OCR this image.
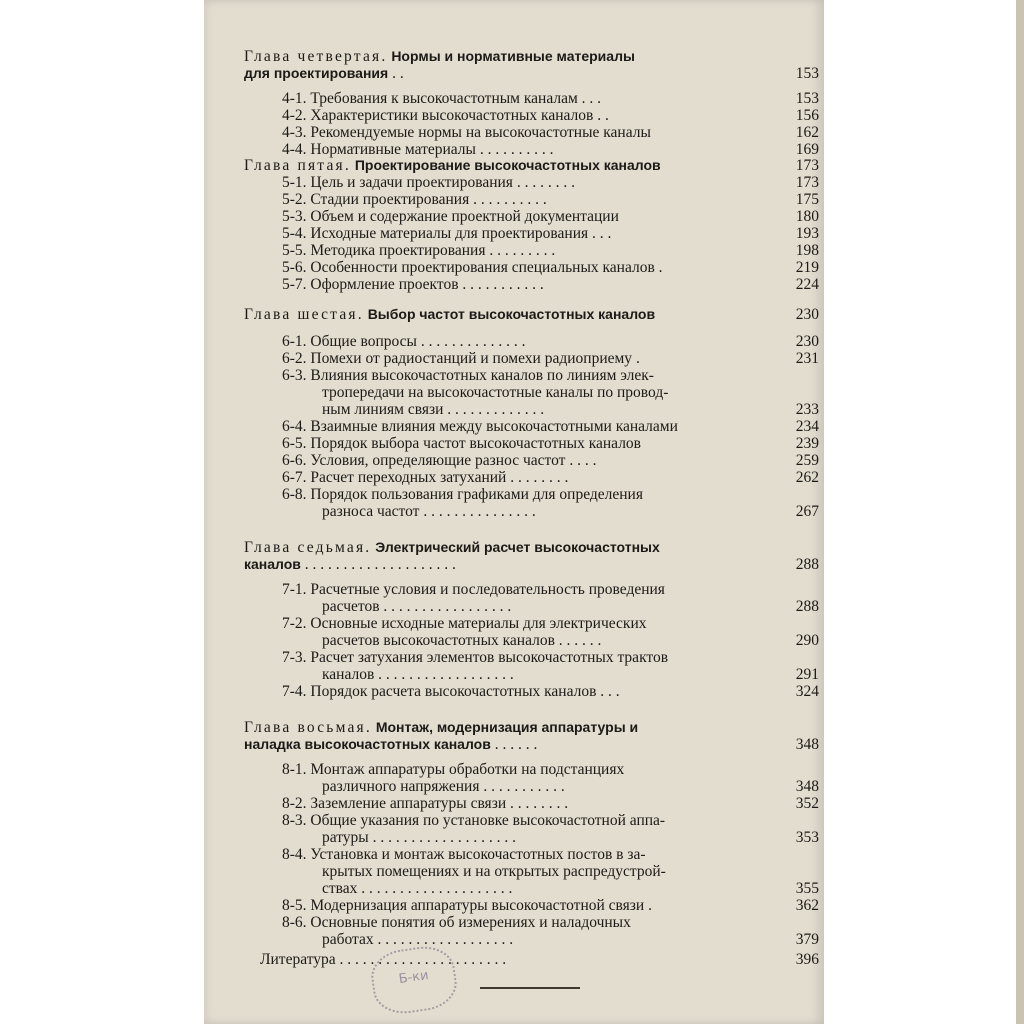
Глава четвертая. Нормы и нормативные материалы
для проектирования . .	153
4-1. Требования к высокочастотным каналам . . .	153
4-2. Характеристики высокочастотных каналов . .	156
4-3. Рекомендуемые нормы на высокочастотные каналы	162
4-4. Нормативные материалы . . . . . . . . . .	169
Глава пятая. Проектирование высокочастотных каналов	173
5-1. Цель и задачи проектирования . . . . . . . .	173
5-2. Стадии проектирования . . . . . . . . . .	175
5-3. Объем и содержание проектной документации	180
5-4. Исходные материалы для проектирования . . .	193
5-5. Методика проектирования . . . . . . . . .	198
5-6. Особенности проектирования специальных каналов .	219
5-7. Оформление проектов . . . . . . . . . . .	224
Глава шестая. Выбор частот высокочастотных каналов	230
6-1. Общие вопросы . . . . . . . . . . . . . .	230
6-2. Помехи от радиостанций и помехи радиоприему .	231
6-3. Влияния высокочастотных каналов по линиям элек-
тропередачи на высокочастотные каналы по провод-
ным линиям связи . . . . . . . . . . . . .	233
6-4. Взаимные влияния между высокочастотными каналами	234
6-5. Порядок выбора частот высокочастотных каналов	239
6-6. Условия, определяющие разнос частот . . . .	259
6-7. Расчет переходных затуханий . . . . . . . .	262
6-8. Порядок пользования графиками для определения
разноса частот . . . . . . . . . . . . . . .	267
Глава седьмая. Электрический расчет высокочастотных
каналов . . . . . . . . . . . . . . . . . . . .	288
7-1. Расчетные условия и последовательность проведения
расчетов . . . . . . . . . . . . . . . . .	288
7-2. Основные исходные материалы для электрических
расчетов высокочастотных каналов . . . . . .	290
7-3. Расчет затухания элементов высокочастотных трактов
каналов . . . . . . . . . . . . . . . . . .	291
7-4. Порядок расчета высокочастотных каналов . . .	324
Глава восьмая. Монтаж, модернизация аппаратуры и
наладка высокочастотных каналов . . . . . .	348
8-1. Монтаж аппаратуры обработки на подстанциях
различного напряжения . . . . . . . . . . .	348
8-2. Заземление аппаратуры связи . . . . . . . .	352
8-3. Общие указания по установке высокочастотной аппа-
ратуры . . . . . . . . . . . . . . . . . . .	353
8-4. Установка и монтаж высокочастотных постов в за-
крытых помещениях и на открытых распредустрой-
ствах . . . . . . . . . . . . . . . . . . . .	355
8-5. Модернизация аппаратуры высокочастотной связи .	362
8-6. Основные понятия об измерениях и наладочных
работах . . . . . . . . . . . . . . . . . .	379
Литература . . . . . . . . . . . . . . . . . . . . . .	396
Б-ки
